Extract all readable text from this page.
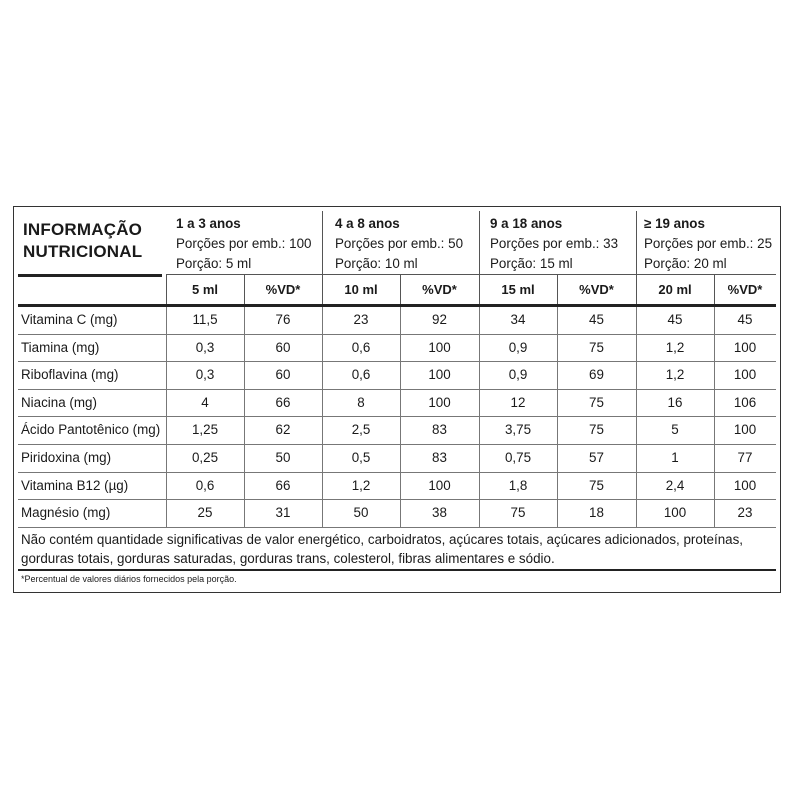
INFORMAÇÃO
NUTRICIONAL
1 a 3 anos
Porções por emb.: 100
Porção: 5 ml
4 a 8 anos
Porções por emb.: 50
Porção: 10 ml
9 a 18 anos
Porções por emb.: 33
Porção: 15 ml
≥ 19 anos
Porções por emb.: 25
Porção: 20 ml
5 ml	%VD*	10 ml	%VD*	15 ml	%VD*	20 ml	%VD*
Vitamina C (mg)	11,5	76	23	92	34	45	45	45
Tiamina (mg)	0,3	60	0,6	100	0,9	75	1,2	100
Riboflavina (mg)	0,3	60	0,6	100	0,9	69	1,2	100
Niacina (mg)	4	66	8	100	12	75	16	106
Ácido Pantotênico (mg)	1,25	62	2,5	83	3,75	75	5	100
Piridoxina (mg)	0,25	50	0,5	83	0,75	57	1	77
Vitamina B12 (µg)	0,6	66	1,2	100	1,8	75	2,4	100
Magnésio (mg)	25	31	50	38	75	18	100	23
Não contém quantidade significativas de valor energético, carboidratos, açúcares totais, açúcares adicionados, proteínas, gorduras totais, gorduras saturadas, gorduras trans, colesterol, fibras alimentares e sódio.
*Percentual de valores diários fornecidos pela porção.
